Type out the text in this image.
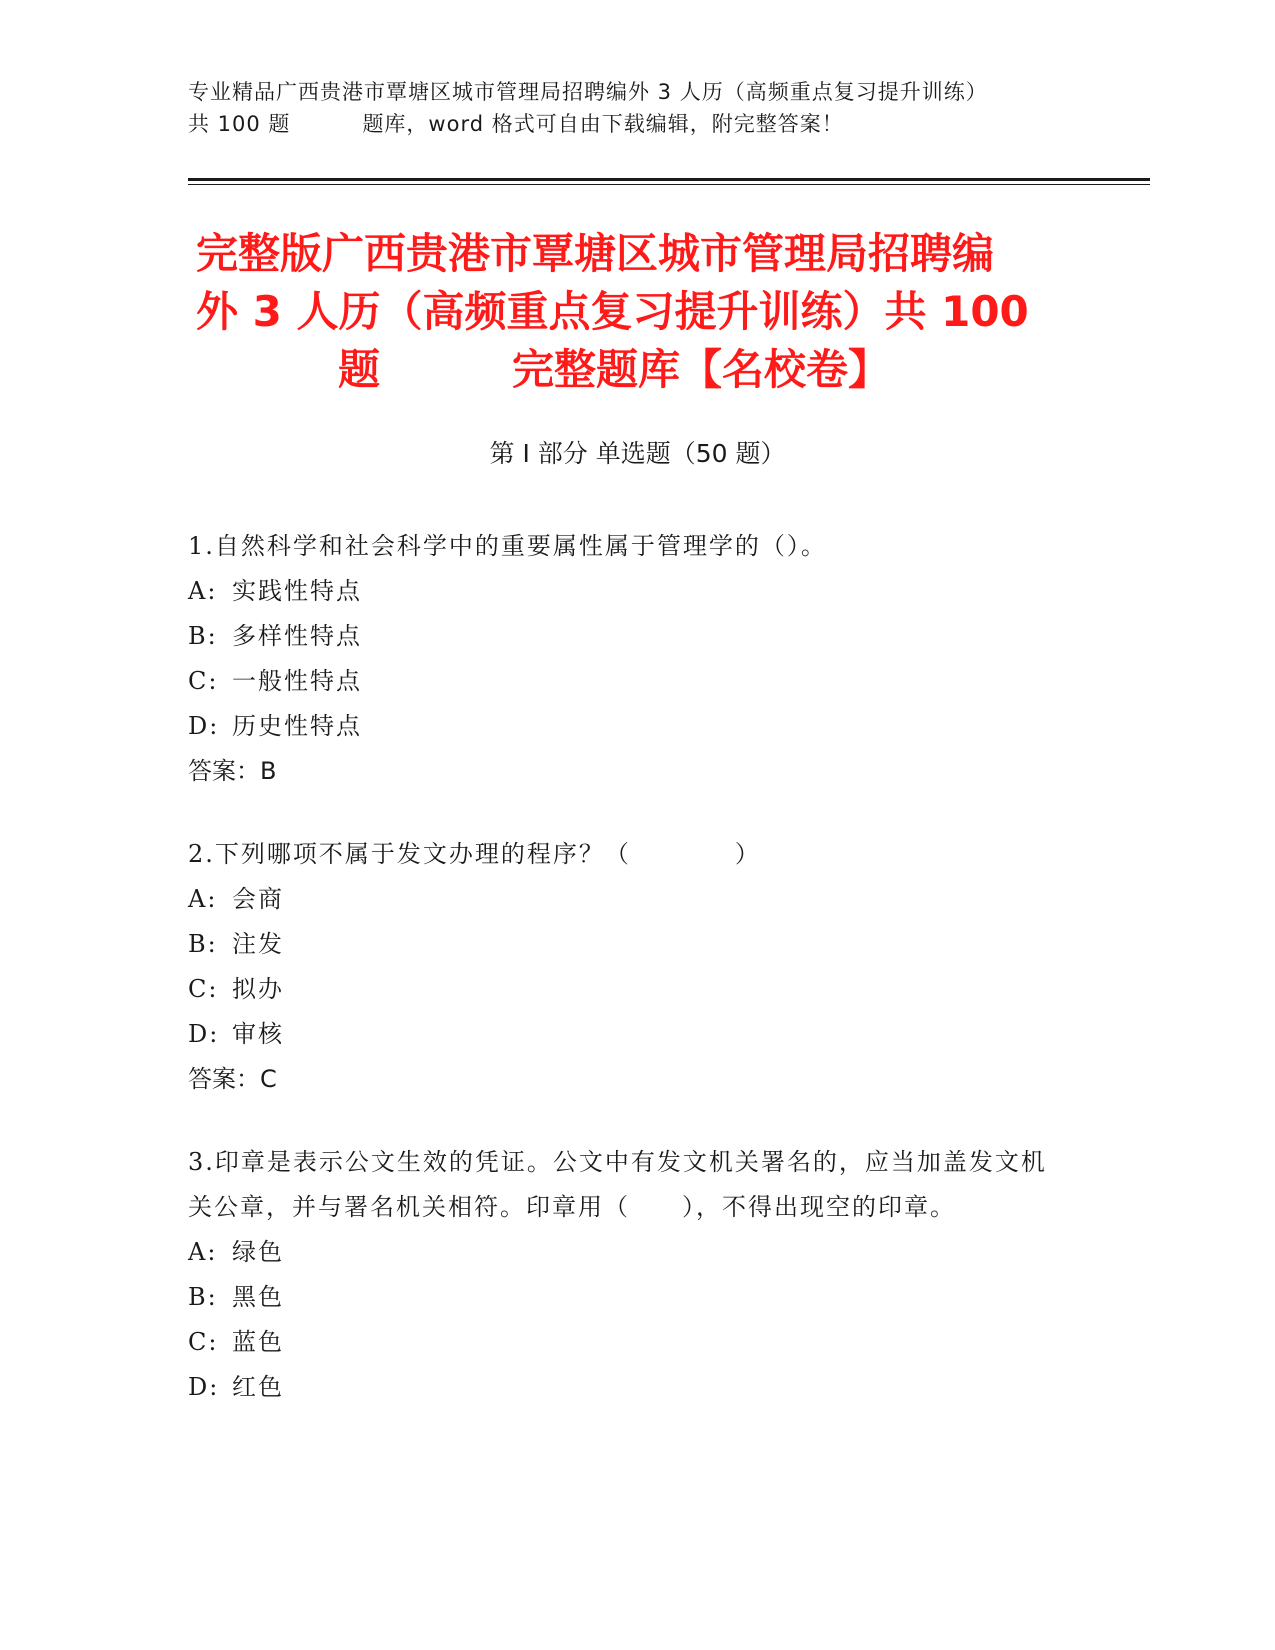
专业精品广西贵港市覃塘区城市管理局招聘编外 3 人历（高频重点复习提升训练）
共 100 题	题库，word 格式可自由下载编辑，附完整答案！
完整版广西贵港市覃塘区城市管理局招聘编
外 3 人历（高频重点复习提升训练）共 100
题	完整题库【名校卷】
第 I 部分 单选题（50 题）
1.自然科学和社会科学中的重要属性属于管理学的（）。
A: 实践性特点
B: 多样性特点
C: 一般性特点
D: 历史性特点
答案：B
2.下列哪项不属于发文办理的程序？（　　　　）
A: 会商
B: 注发
C: 拟办
D: 审核
答案：C
3.印章是表示公文生效的凭证。公文中有发文机关署名的，应当加盖发文机关公章，并与署名机关相符。印章用（　　），不得出现空的印章。
A: 绿色
B: 黑色
C: 蓝色
D: 红色
